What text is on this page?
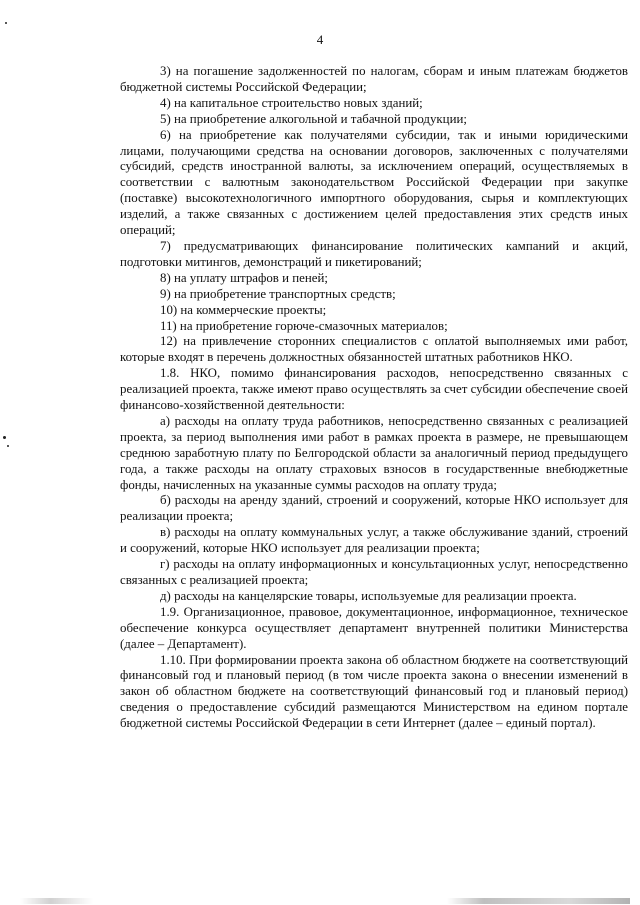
4

3) на погашение задолженностей по налогам, сборам и иным платежам бюджетов бюджетной системы Российской Федерации;

4) на капитальное строительство новых зданий;

5) на приобретение алкогольной и табачной продукции;

6) на приобретение как получателями субсидии, так и иными юридическими лицами, получающими средства на основании договоров, заключенных с получателями субсидий, средств иностранной валюты, за исключением операций, осуществляемых в соответствии с валютным законодательством Российской Федерации при закупке (поставке) высокотехнологичного импортного оборудования, сырья и комплектующих изделий, а также связанных с достижением целей предоставления этих средств иных операций;

7) предусматривающих финансирование политических кампаний и акций, подготовки митингов, демонстраций и пикетирований;

8) на уплату штрафов и пеней;

9) на приобретение транспортных средств;

10) на коммерческие проекты;

11) на приобретение горюче-смазочных материалов;

12) на привлечение сторонних специалистов с оплатой выполняемых ими работ, которые входят в перечень должностных обязанностей штатных работников НКО.

1.8. НКО, помимо финансирования расходов, непосредственно связанных с реализацией проекта, также имеют право осуществлять за счет субсидии обеспечение своей финансово-хозяйственной деятельности:

а) расходы на оплату труда работников, непосредственно связанных с реализацией проекта, за период выполнения ими работ в рамках проекта в размере, не превышающем среднюю заработную плату по Белгородской области за аналогичный период предыдущего года, а также расходы на оплату страховых взносов в государственные внебюджетные фонды, начисленных на указанные суммы расходов на оплату труда;

б) расходы на аренду зданий, строений и сооружений, которые НКО использует для реализации проекта;

в) расходы на оплату коммунальных услуг, а также обслуживание зданий, строений и сооружений, которые НКО использует для реализации проекта;

г) расходы на оплату информационных и консультационных услуг, непосредственно связанных с реализацией проекта;

д) расходы на канцелярские товары, используемые для реализации проекта.

1.9. Организационное, правовое, документационное, информационное, техническое обеспечение конкурса осуществляет департамент внутренней политики Министерства (далее – Департамент).

1.10. При формировании проекта закона об областном бюджете на соответствующий финансовый год и плановый период (в том числе проекта закона о внесении изменений в закон об областном бюджете на соответствующий финансовый год и плановый период) сведения о предоставление субсидий размещаются Министерством на едином портале бюджетной системы Российской Федерации в сети Интернет (далее – единый портал).
